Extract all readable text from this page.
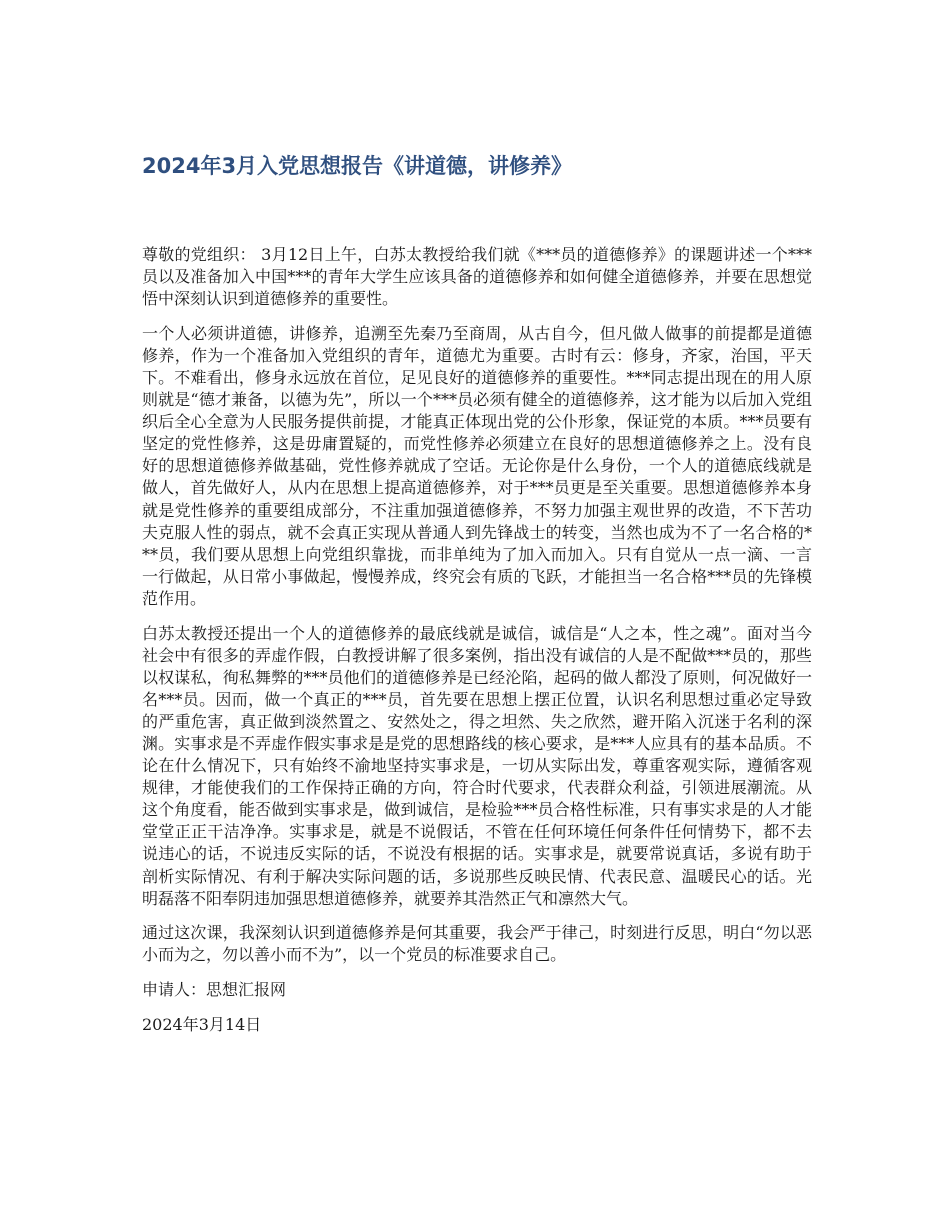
2024年3月入党思想报告《讲道德，讲修养》

尊敬的党组织： 3月12日上午，白苏太教授给我们就《***员的道德修养》的课题讲述一个***员以及准备加入中国***的青年大学生应该具备的道德修养和如何健全道德修养，并要在思想觉悟中深刻认识到道德修养的重要性。

一个人必须讲道德，讲修养，追溯至先秦乃至商周，从古自今，但凡做人做事的前提都是道德修养，作为一个准备加入党组织的青年，道德尤为重要。古时有云：修身，齐家，治国，平天下。不难看出，修身永远放在首位，足见良好的道德修养的重要性。***同志提出现在的用人原则就是“德才兼备，以德为先”，所以一个***员必须有健全的道德修养，这才能为以后加入党组织后全心全意为人民服务提供前提，才能真正体现出党的公仆形象，保证党的本质。***员要有坚定的党性修养，这是毋庸置疑的，而党性修养必须建立在良好的思想道德修养之上。没有良好的思想道德修养做基础，党性修养就成了空话。无论你是什么身份，一个人的道德底线就是做人，首先做好人，从内在思想上提高道德修养，对于***员更是至关重要。思想道德修养本身就是党性修养的重要组成部分，不注重加强道德修养，不努力加强主观世界的改造，不下苦功夫克服人性的弱点，就不会真正实现从普通人到先锋战士的转变，当然也成为不了一名合格的***员，我们要从思想上向党组织靠拢，而非单纯为了加入而加入。只有自觉从一点一滴、一言一行做起，从日常小事做起，慢慢养成，终究会有质的飞跃，才能担当一名合格***员的先锋模范作用。

白苏太教授还提出一个人的道德修养的最底线就是诚信，诚信是“人之本，性之魂”。面对当今社会中有很多的弄虚作假，白教授讲解了很多案例，指出没有诚信的人是不配做***员的，那些以权谋私，徇私舞弊的***员他们的道德修养是已经沦陷，起码的做人都没了原则，何况做好一名***员。因而，做一个真正的***员，首先要在思想上摆正位置，认识名利思想过重必定导致的严重危害，真正做到淡然置之、安然处之，得之坦然、失之欣然，避开陷入沉迷于名利的深渊。实事求是不弄虚作假实事求是是党的思想路线的核心要求，是***人应具有的基本品质。不论在什么情况下，只有始终不渝地坚持实事求是，一切从实际出发，尊重客观实际，遵循客观规律，才能使我们的工作保持正确的方向，符合时代要求，代表群众利益，引领进展潮流。从这个角度看，能否做到实事求是，做到诚信，是检验***员合格性标准，只有事实求是的人才能堂堂正正干洁净净。实事求是，就是不说假话，不管在任何环境任何条件任何情势下，都不去说违心的话，不说违反实际的话，不说没有根据的话。实事求是，就要常说真话，多说有助于剖析实际情况、有利于解决实际问题的话，多说那些反映民情、代表民意、温暖民心的话。光明磊落不阳奉阴违加强思想道德修养，就要养其浩然正气和凛然大气。

通过这次课，我深刻认识到道德修养是何其重要，我会严于律己，时刻进行反思，明白“勿以恶小而为之，勿以善小而不为”，以一个党员的标准要求自己。

申请人：思想汇报网

2024年3月14日
